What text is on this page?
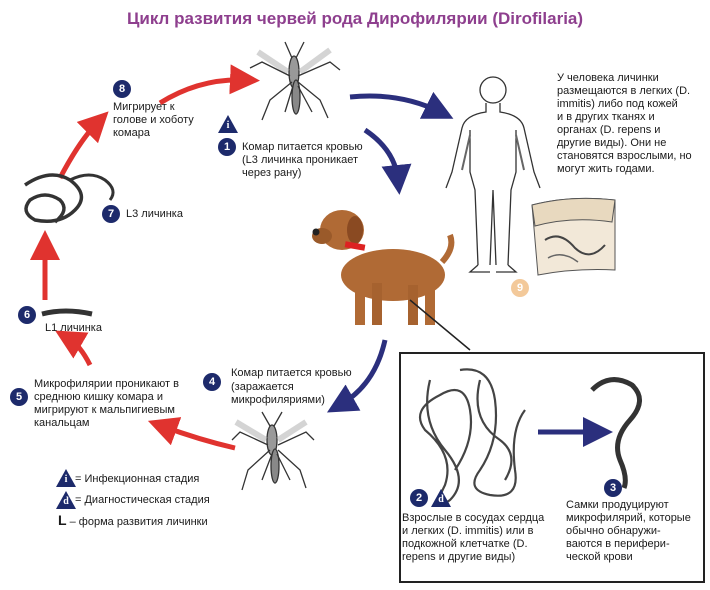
Цикл развития червей рода Дирофилярии (Dirofilaria)
8
Мигрирует к
голове и хоботу
комара
i
1	Комар питается кровью
(L3 личинка проникает
через рану)
У человека личинки
размещаются в легких (D.
immitis) либо под кожей
и в других тканях и
органах (D. repens и
другие виды). Они не
становятся взрослыми, но
могут жить годами.
9
7	L3 личинка
6
L1 личинка
Комар питается кровью
4	(заражается
микрофиляриями)
5
Микрофилярии проникают в
среднюю кишку комара и
мигрируют к мальпигиевым
канальцам
i = Инфекционная стадия
d = Диагностическая стадия
L – форма развития личинки
2	d
Взрослые в сосудах сердца
и легких (D. immitis) или в
подкожной клетчатке (D.
repens и другие виды)
3
Самки продуцируют
микрофилярий, которые
обычно обнаружи-
ваются в перифери-
ческой крови
